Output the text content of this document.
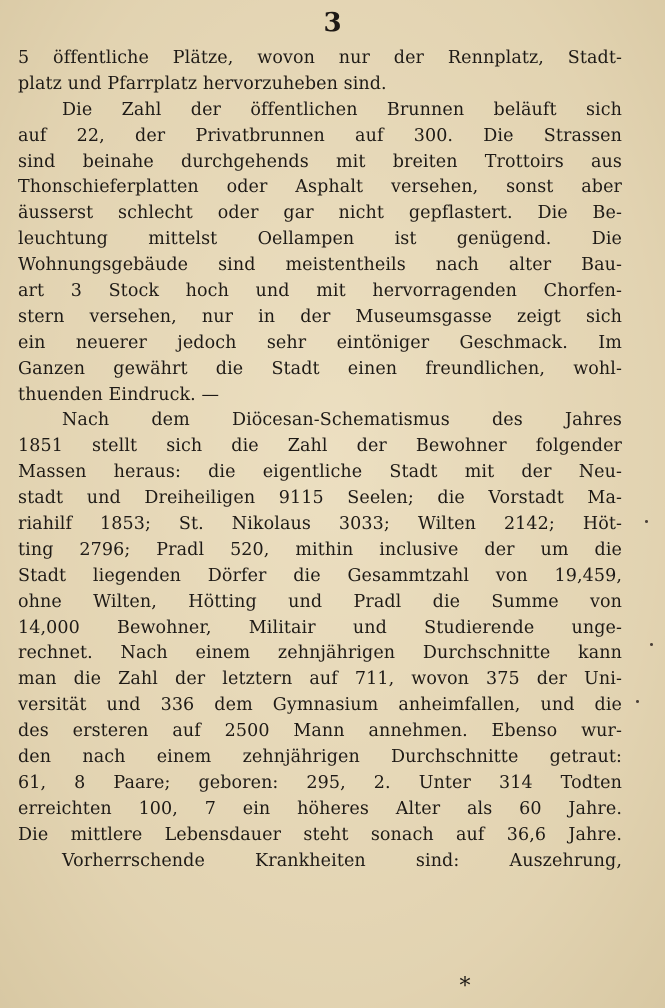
3
5 öffentliche Plätze, wovon nur der Rennplatz, Stadt-
platz und Pfarrplatz hervorzuheben sind.
Die Zahl der öffentlichen Brunnen beläuft sich
auf 22, der Privatbrunnen auf 300. Die Strassen
sind beinahe durchgehends mit breiten Trottoirs aus
Thonschieferplatten oder Asphalt versehen, sonst aber
äusserst schlecht oder gar nicht gepflastert. Die Be-
leuchtung mittelst Oellampen ist genügend. Die
Wohnungsgebäude sind meistentheils nach alter Bau-
art 3 Stock hoch und mit hervorragenden Chorfen-
stern versehen, nur in der Museumsgasse zeigt sich
ein neuerer jedoch sehr eintöniger Geschmack. Im
Ganzen gewährt die Stadt einen freundlichen, wohl-
thuenden Eindruck. —
Nach dem Diöcesan-Schematismus des Jahres
1851 stellt sich die Zahl der Bewohner folgender
Massen heraus: die eigentliche Stadt mit der Neu-
stadt und Dreiheiligen 9115 Seelen; die Vorstadt Ma-
riahilf 1853; St. Nikolaus 3033; Wilten 2142; Höt-
ting 2796; Pradl 520, mithin inclusive der um die
Stadt liegenden Dörfer die Gesammtzahl von 19,459,
ohne Wilten, Hötting und Pradl die Summe von
14,000 Bewohner, Militair und Studierende unge-
rechnet. Nach einem zehnjährigen Durchschnitte kann
man die Zahl der letztern auf 711, wovon 375 der Uni-
versität und 336 dem Gymnasium anheimfallen, und die
des ersteren auf 2500 Mann annehmen. Ebenso wur-
den nach einem zehnjährigen Durchschnitte getraut:
61, 8 Paare; geboren: 295, 2. Unter 314 Todten
erreichten 100, 7 ein höheres Alter als 60 Jahre.
Die mittlere Lebensdauer steht sonach auf 36,6 Jahre.
Vorherrschende Krankheiten sind: Auszehrung,
*
